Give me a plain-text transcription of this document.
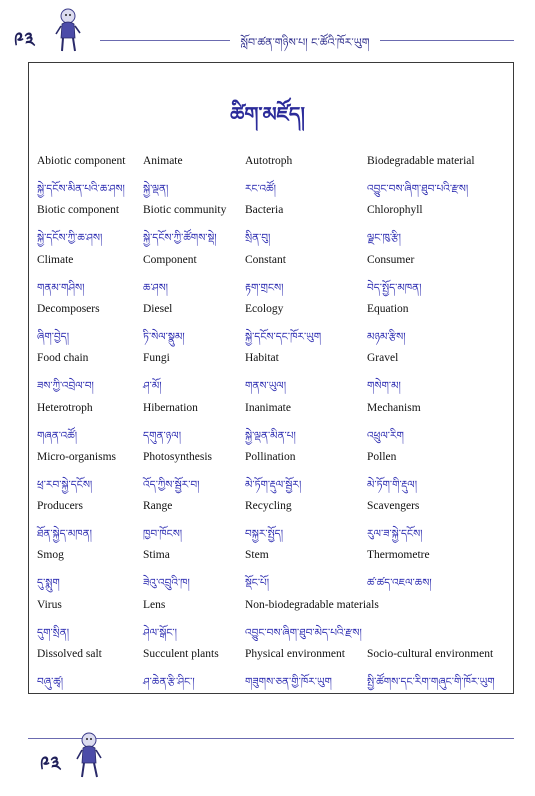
༩༣	སློབ་ཚན་གཉིས་པ། ང་ཚོའི་ཁོར་ཡུག
ཚིག་མཛོད།
Abiotic component
སྐྱེ་དངོས་མིན་པའི་ཆ་ཤས།
Animate
སྐྱེ་ལྡན།
Autotroph
རང་འཚོ།
Biodegradable material
འབྱུང་བས་ཞིག་ཐུབ་པའི་རྫས།
Biotic component
སྐྱེ་དངོས་ཀྱི་ཆ་ཤས།
Biotic community
སྐྱེ་དངོས་ཀྱི་ཚོགས་སྡེ།
Bacteria
སྲིན་བུ།
Chlorophyll
ལྗང་ཁུ་རྩི།
Climate
གནམ་གཤིས།
Component
ཆ་ཤས།
Constant
རྟག་གྲངས།
Consumer
བེད་སྤྱོད་མཁན།
Decomposers
ཞིག་བྱེད།
Diesel
ཏི་སེལ་སྣུམ།
Ecology
སྐྱེ་དངོས་དང་ཁོར་ཡུག
Equation
མཉམ་རྩིས།
Food chain
ཟས་ཀྱི་འབྲེལ་བ།
Fungi
ཤ་མོ།
Habitat
གནས་ཡུལ།
Gravel
གསེག་མ།
Heterotroph
གཞན་འཚོ།
Hibernation
དགུན་ཉལ།
Inanimate
སྐྱེ་ལྡན་མིན་པ།
Mechanism
འཕྲུལ་རིག
Micro-organisms
ཕྲ་རབ་སྐྱེ་དངོས།
Photosynthesis
འོད་ཀྱིས་སྦྱོར་བ།
Pollination
མེ་ཏོག་རྡུལ་སྦྱོར།
Pollen
མེ་ཏོག་གི་རྡུལ།
Producers
ཐོན་སྐྱེད་མཁན།
Range
ཁྱབ་ཁོངས།
Recycling
བསྐྱར་སྤྱོད།
Scavengers
རུལ་ཟ་སྐྱེ་དངོས།
Smog
དུ་སྨུག
Stima
ཟེའུ་འབྲུའི་ཁ།
Stem
སྡོང་པོ།
Thermometre
ཚ་ཚད་འཇལ་ཆས།
Virus
དུག་སྲིན།
Lens
ཤེལ་སྒོང་།
Non-biodegradable materials
འབྱུང་བས་ཞིག་ཐུབ་མེད་པའི་རྫས།
Dissolved salt
བཞུ་ཚྭ།
Succulent plants
ཤ་ཆེན་རྩི་ཤིང་།
Physical environment
གཟུགས་ཅན་གྱི་ཁོར་ཡུག
Socio-cultural environment
སྤྱི་ཚོགས་དང་རིག་གཞུང་གི་ཁོར་ཡུག
༩༣
